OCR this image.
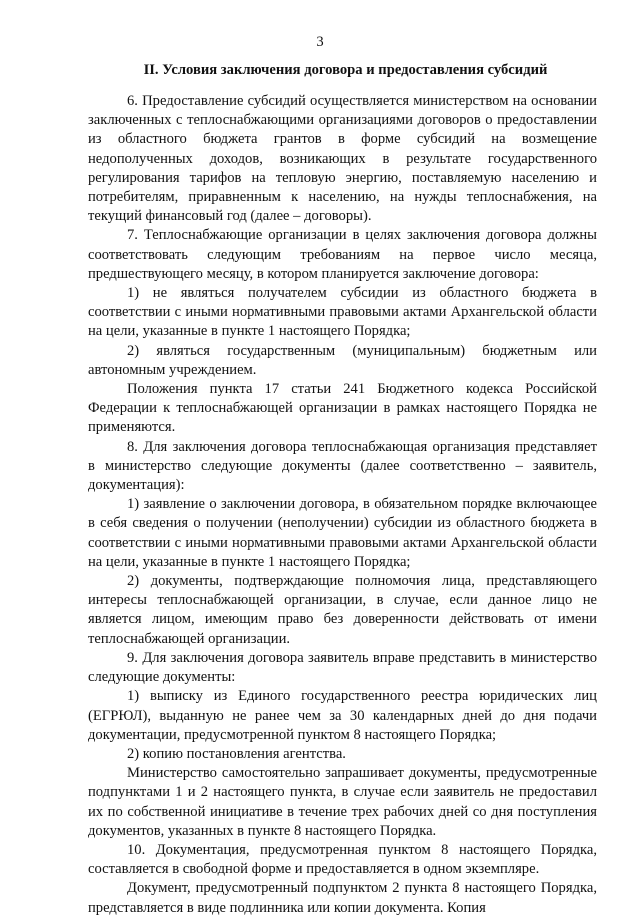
3
II. Условия заключения договора и предоставления субсидий

6. Предоставление субсидий осуществляется министерством на основании заключенных с теплоснабжающими организациями договоров о предоставлении из областного бюджета грантов в форме субсидий на возмещение недополученных доходов, возникающих в результате государственного регулирования тарифов на тепловую энергию, поставляемую населению и потребителям, приравненным к населению, на нужды теплоснабжения, на текущий финансовый год (далее – договоры).

7. Теплоснабжающие организации в целях заключения договора должны соответствовать следующим требованиям на первое число месяца, предшествующего месяцу, в котором планируется заключение договора:

1) не являться получателем субсидии из областного бюджета в соответствии с иными нормативными правовыми актами Архангельской области на цели, указанные в пункте 1 настоящего Порядка;

2) являться государственным (муниципальным) бюджетным или автономным учреждением.

Положения пункта 17 статьи 241 Бюджетного кодекса Российской Федерации к теплоснабжающей организации в рамках настоящего Порядка не применяются.

8. Для заключения договора теплоснабжающая организация представляет в министерство следующие документы (далее соответственно – заявитель, документация):

1) заявление о заключении договора, в обязательном порядке включающее в себя сведения о получении (неполучении) субсидии из областного бюджета в соответствии с иными нормативными правовыми актами Архангельской области на цели, указанные в пункте 1 настоящего Порядка;

2) документы, подтверждающие полномочия лица, представляющего интересы теплоснабжающей организации, в случае, если данное лицо не является лицом, имеющим право без доверенности действовать от имени теплоснабжающей организации.

9. Для заключения договора заявитель вправе представить в министерство следующие документы:

1) выписку из Единого государственного реестра юридических лиц (ЕГРЮЛ), выданную не ранее чем за 30 календарных дней до дня подачи документации, предусмотренной пунктом 8 настоящего Порядка;

2) копию постановления агентства.

Министерство самостоятельно запрашивает документы, предусмотренные подпунктами 1 и 2 настоящего пункта, в случае если заявитель не предоставил их по собственной инициативе в течение трех рабочих дней со дня поступления документов, указанных в пункте 8 настоящего Порядка.

10. Документация, предусмотренная пунктом 8 настоящего Порядка, составляется в свободной форме и предоставляется в одном экземпляре.

Документ, предусмотренный подпунктом 2 пункта 8 настоящего Порядка, представляется в виде подлинника или копии документа. Копия
